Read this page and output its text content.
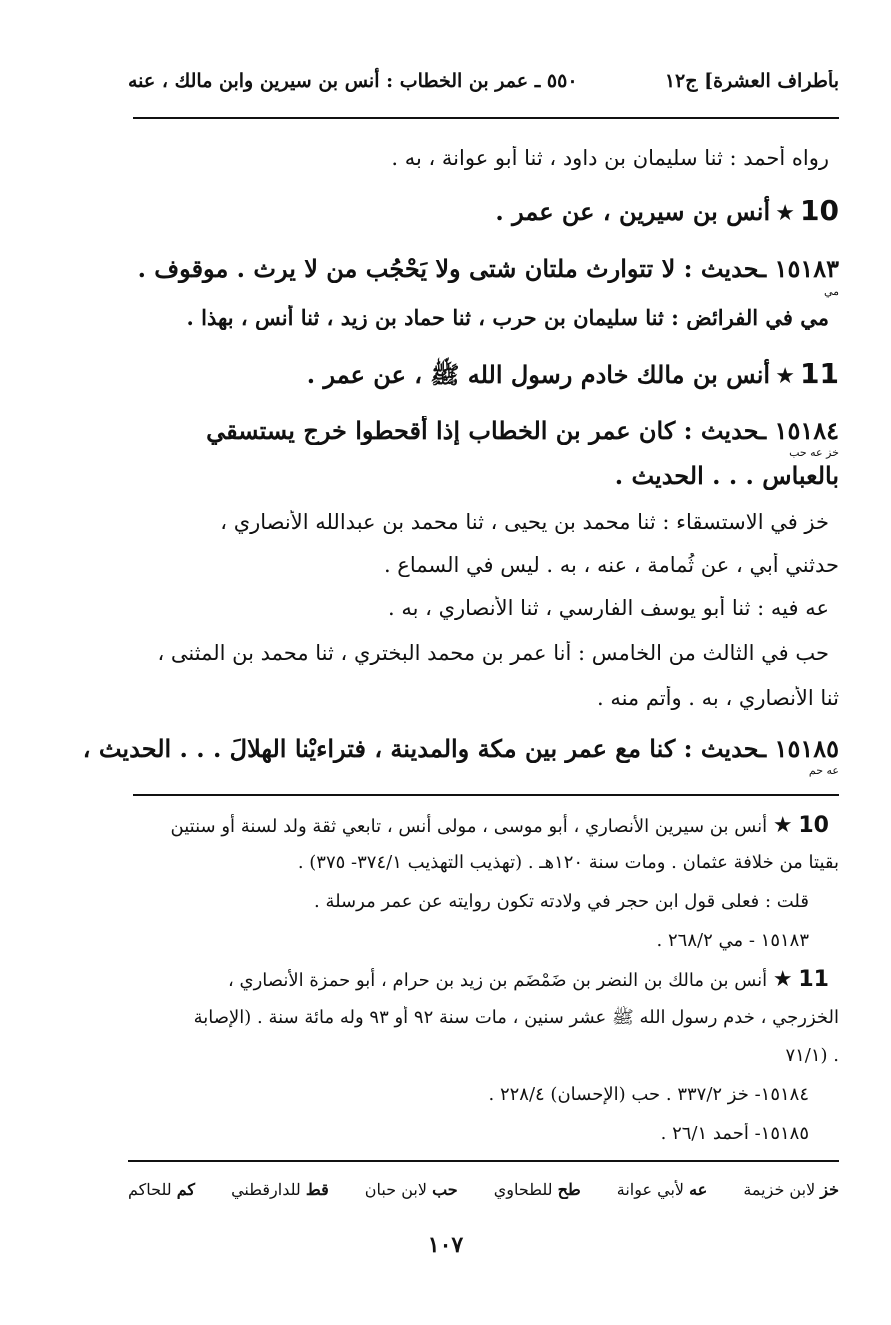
بأطراف العشرة] ج١٢
٥٥٠ ـ عمر بن الخطاب : أنس بن سيرين وابن مالك ، عنه
رواه أحمد : ثنا سليمان بن داود ، ثنا أبو عوانة ، به .
10 ★ أنس بن سيرين ، عن عمر .
١٥١٨٣ ـحديث : لا تتوارث ملتان شتى ولا يَحْجُب من لا يرث . موقوف .
مي
مي في الفرائض : ثنا سليمان بن حرب ، ثنا حماد بن زيد ، ثنا أنس ، بهذا .
11 ★ أنس بن مالك خادم رسول الله ﷺ ، عن عمر .
١٥١٨٤ ـحديث : كان عمر بن الخطاب إذا أقحطوا خرج يستسقي
خز عه حب
بالعباس . . . الحديث .
خز في الاستسقاء : ثنا محمد بن يحيى ، ثنا محمد بن عبدالله الأنصاري ،
حدثني أبي ، عن ثُمامة ، عنه ، به . ليس في السماع .
عه فيه : ثنا أبو يوسف الفارسي ، ثنا الأنصاري ، به .
حب في الثالث من الخامس : أنا عمر بن محمد البختري ، ثنا محمد بن المثنى ،
ثنا الأنصاري ، به . وأتم منه .
١٥١٨٥ ـحديث : كنا مع عمر بين مكة والمدينة ، فتراءيْنا الهلالَ . . . الحديث ،
عه حم
10 ★ أنس بن سيرين الأنصاري ، أبو موسى ، مولى أنس ، تابعي ثقة ولد لسنة أو سنتين
بقيتا من خلافة عثمان . ومات سنة ١٢٠هـ . (تهذيب التهذيب ٣٧٤/١- ٣٧٥) .
قلت : فعلى قول ابن حجر في ولادته تكون روايته عن عمر مرسلة .
١٥١٨٣ - مي ٢٦٨/٢ .
11 ★ أنس بن مالك بن النضر بن ضَمْضَم بن زيد بن حرام ، أبو حمزة الأنصاري ،
الخزرجي ، خدم رسول الله ﷺ عشر سنين ، مات سنة ٩٢ أو ٩٣ وله مائة سنة . (الإصابة
. (٧١/١
١٥١٨٤- خز ٣٣٧/٢ . حب (الإحسان) ٢٢٨/٤ .
١٥١٨٥- أحمد ٢٦/١ .
خز لابن خزيمة
عه لأبي عوانة
طح للطحاوي
حب لابن حبان
قط للدارقطني
كم للحاكم
١٠٧
